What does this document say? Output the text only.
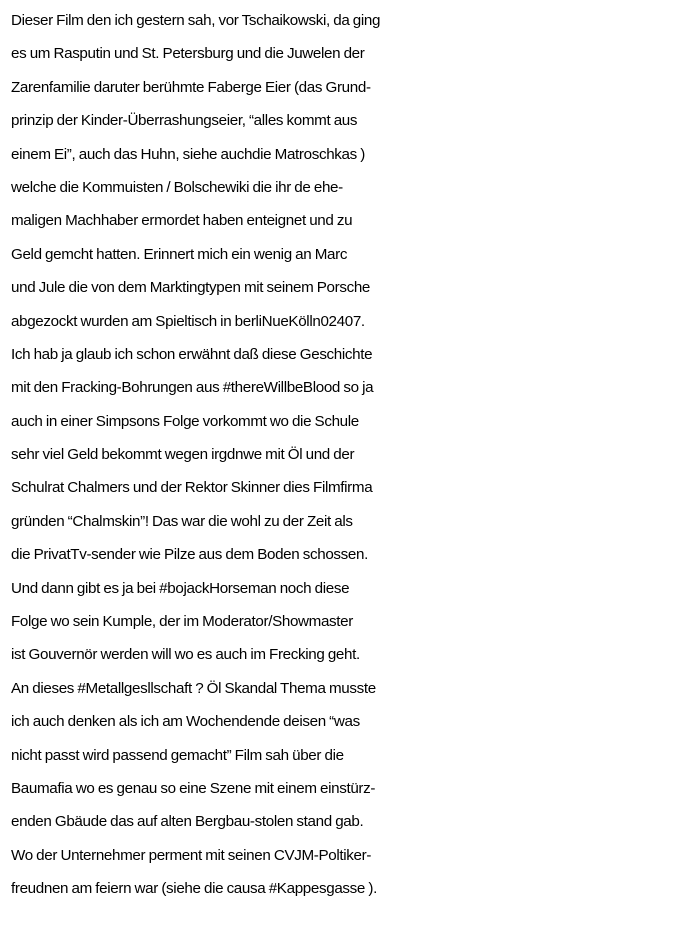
Dieser Film den ich gestern sah, vor Tschaikowski, da ging
es um Rasputin und St. Petersburg und die Juwelen der
Zarenfamilie daruter berühmte Faberge Eier (das Grund-
prinzip der Kinder-Überrashungseier, “alles kommt aus
einem Ei”, auch das Huhn, siehe auchdie Matroschkas )
welche die Kommuisten / Bolschewiki die ihr de ehe-
maligen Machhaber ermordet haben enteignet und zu
Geld gemcht hatten. Erinnert mich ein wenig an Marc
und Jule die von dem Marktingtypen mit seinem Porsche
abgezockt wurden am Spieltisch in berliNueKölln02407.
Ich hab ja glaub ich schon erwähnt daß diese Geschichte
mit den Fracking-Bohrungen aus #thereWillbeBlood so ja
auch in einer Simpsons Folge vorkommt wo die Schule
sehr viel Geld bekommt wegen irgdnwe mit Öl und der
Schulrat Chalmers und der Rektor Skinner dies Filmfirma
gründen “Chalmskin”! Das war die wohl zu der Zeit als
die PrivatTv-sender wie Pilze aus dem Boden schossen.
Und dann gibt es ja bei #bojackHorseman noch diese
Folge wo sein Kumple, der im Moderator/Showmaster
ist Gouvernör werden will wo es auch im Frecking geht.
An dieses #Metallgesllschaft ? Öl Skandal Thema musste
ich auch denken als ich am Wochendende deisen “was
nicht passt wird passend gemacht” Film sah über die
Baumafia wo es genau so eine Szene mit einem einstürz-
enden Gbäude das auf alten Bergbau-stolen stand gab.
Wo der Unternehmer perment mit seinen CVJM-Poltiker-
freudnen am feiern war (siehe die causa #Kappesgasse ).
